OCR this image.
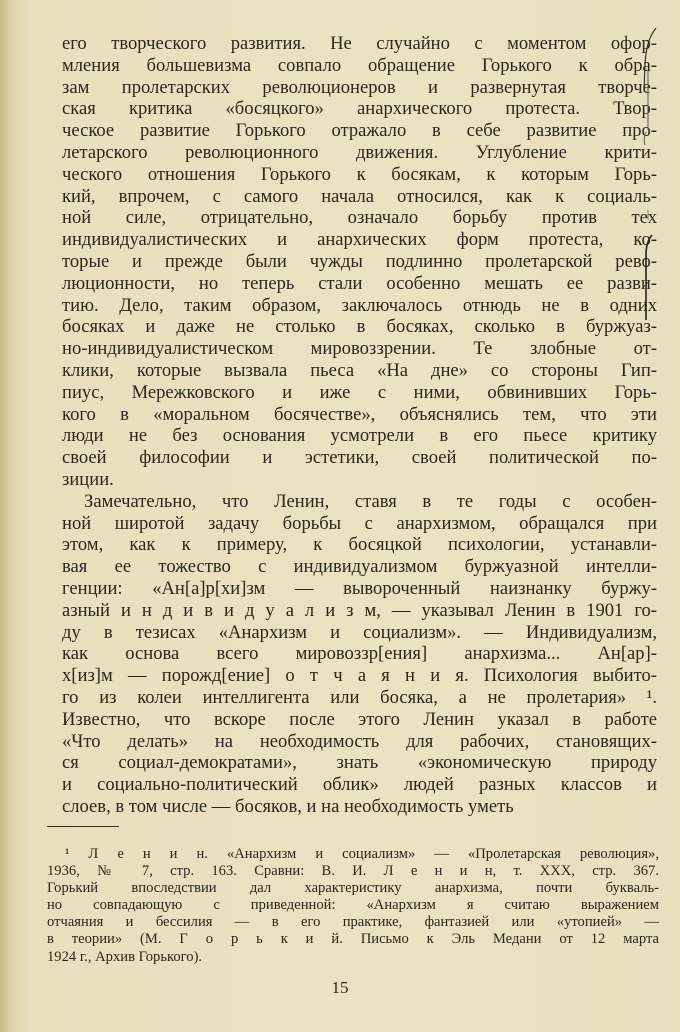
его творческого развития. Не случайно с моментом офор-
мления большевизма совпало обращение Горького к обра-
зам пролетарских революционеров и развернутая творче-
ская критика «босяцкого» анархического протеста. Твор-
ческое развитие Горького отражало в себе развитие про-
летарского революционного движения. Углубление крити-
ческого отношения Горького к босякам, к которым Горь-
кий, впрочем, с самого начала относился, как к социаль-
ной силе, отрицательно, означало борьбу против тех
индивидуалистических и анархических форм протеста, ко-
торые и прежде были чужды подлинно пролетарской рево-
люционности, но теперь стали особенно мешать ее разви-
тию. Дело, таким образом, заключалось отнюдь не в одних
босяках и даже не столько в босяках, сколько в буржуаз-
но-индивидуалистическом мировоззрении. Те злобные от-
клики, которые вызвала пьеса «На дне» со стороны Гип-
пиус, Мережковского и иже с ними, обвинивших Горь-
кого в «моральном босячестве», объяснялись тем, что эти
люди не без основания усмотрели в его пьесе критику
своей философии и эстетики, своей политической по-
зиции.
Замечательно, что Ленин, ставя в те годы с особен-
ной широтой задачу борьбы с анархизмом, обращался при
этом, как к примеру, к босяцкой психологии, устанавли-
вая ее тожество с индивидуализмом буржуазной интелли-
генции: «Ан[а]р[хи]зм — вывороченный наизнанку буржу-
азный и н д и в и д у а л и з м, — указывал Ленин в 1901 го-
ду в тезисах «Анархизм и социализм». — Индивидуализм,
как основа всего мировоззр[ения] анархизма... Ан[ар]-
х[из]м — порожд[ение] о т ч а я н и я. Психология выбито-
го из колеи интеллигента или босяка, а не пролетария» ¹.
Известно, что вскоре после этого Ленин указал в работе
«Что делать» на необходимость для рабочих, становящих-
ся социал-демократами», знать «экономическую природу
и социально-политический облик» людей разных классов и
слоев, в том числе — босяков, и на необходимость уметь
¹ Л е н и н. «Анархизм и социализм» — «Пролетарская революция»,
1936, № 7, стр. 163. Сравни: В. И. Л е н и н, т. XXX, стр. 367.
Горький впоследствии дал характеристику анархизма, почти букваль-
но совпадающую с приведенной: «Анархизм я считаю выражением
отчаяния и бессилия — в его практике, фантазией или «утопией» —
в теории» (М. Г о р ь к и й. Письмо к Эль Медани от 12 марта
1924 г., Архив Горького).
15
